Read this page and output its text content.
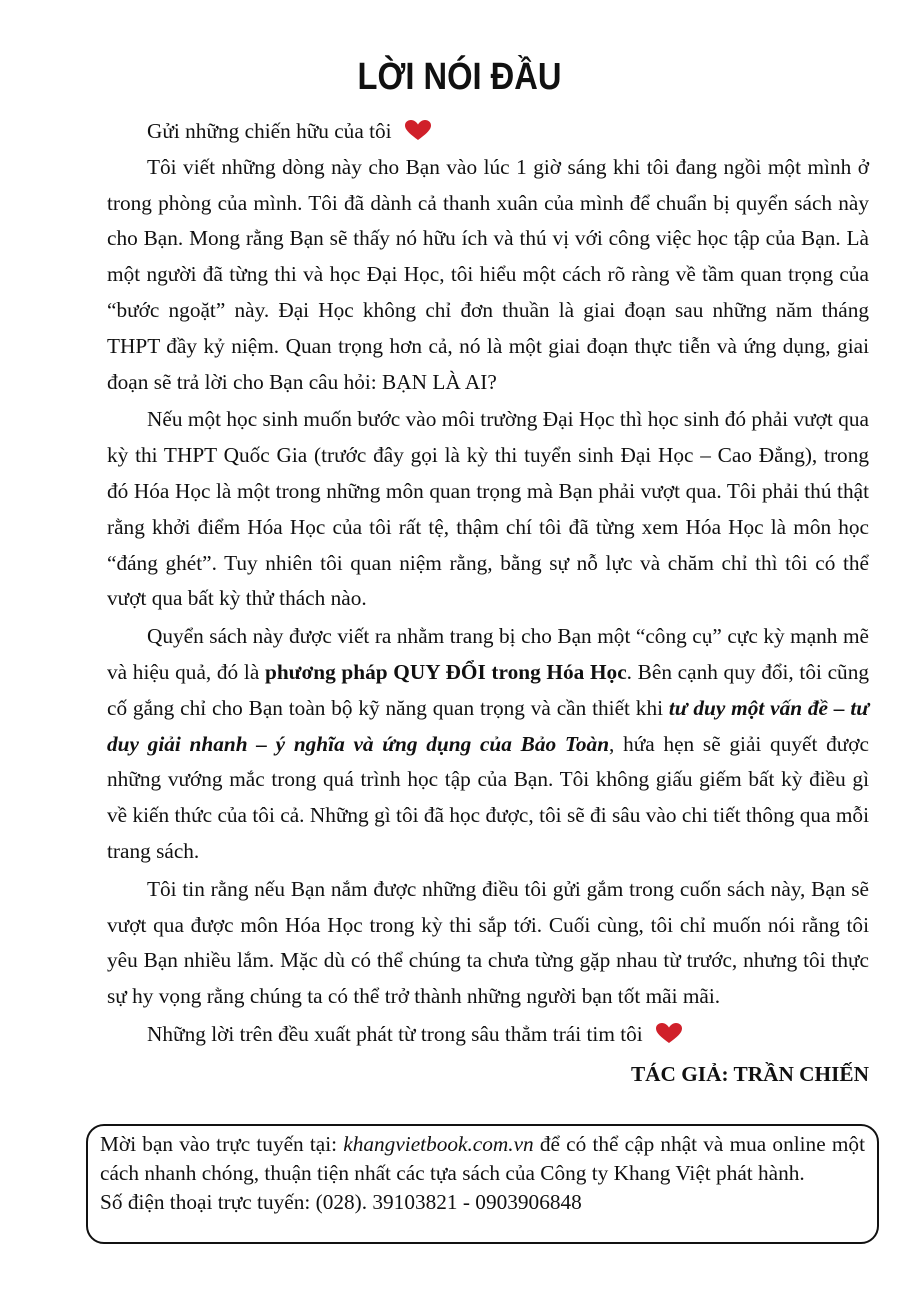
LỜI NÓI ĐẦU

Gửi những chiến hữu của tôi

Tôi viết những dòng này cho Bạn vào lúc 1 giờ sáng khi tôi đang ngồi một mình ở trong phòng của mình. Tôi đã dành cả thanh xuân của mình để chuẩn bị quyển sách này cho Bạn. Mong rằng Bạn sẽ thấy nó hữu ích và thú vị với công việc học tập của Bạn. Là một người đã từng thi và học Đại Học, tôi hiểu một cách rõ ràng về tầm quan trọng của “bước ngoặt” này. Đại Học không chỉ đơn thuần là giai đoạn sau những năm tháng THPT đầy kỷ niệm. Quan trọng hơn cả, nó là một giai đoạn thực tiễn và ứng dụng, giai đoạn sẽ trả lời cho Bạn câu hỏi: BẠN LÀ AI?

Nếu một học sinh muốn bước vào môi trường Đại Học thì học sinh đó phải vượt qua kỳ thi THPT Quốc Gia (trước đây gọi là kỳ thi tuyển sinh Đại Học – Cao Đẳng), trong đó Hóa Học là một trong những môn quan trọng mà Bạn phải vượt qua. Tôi phải thú thật rằng khởi điểm Hóa Học của tôi rất tệ, thậm chí tôi đã từng xem Hóa Học là môn học “đáng ghét”. Tuy nhiên tôi quan niệm rằng, bằng sự nỗ lực và chăm chỉ thì tôi có thể vượt qua bất kỳ thử thách nào.

Quyển sách này được viết ra nhằm trang bị cho Bạn một “công cụ” cực kỳ mạnh mẽ và hiệu quả, đó là phương pháp QUY ĐỔI trong Hóa Học. Bên cạnh quy đổi, tôi cũng cố gắng chỉ cho Bạn toàn bộ kỹ năng quan trọng và cần thiết khi tư duy một vấn đề – tư duy giải nhanh – ý nghĩa và ứng dụng của Bảo Toàn, hứa hẹn sẽ giải quyết được những vướng mắc trong quá trình học tập của Bạn. Tôi không giấu giếm bất kỳ điều gì về kiến thức của tôi cả. Những gì tôi đã học được, tôi sẽ đi sâu vào chi tiết thông qua mỗi trang sách.

Tôi tin rằng nếu Bạn nắm được những điều tôi gửi gắm trong cuốn sách này, Bạn sẽ vượt qua được môn Hóa Học trong kỳ thi sắp tới. Cuối cùng, tôi chỉ muốn nói rằng tôi yêu Bạn nhiều lắm. Mặc dù có thể chúng ta chưa từng gặp nhau từ trước, nhưng tôi thực sự hy vọng rằng chúng ta có thể trở thành những người bạn tốt mãi mãi.

Những lời trên đều xuất phát từ trong sâu thẳm trái tim tôi

TÁC GIẢ: TRẦN CHIẾN

Mời bạn vào trực tuyến tại: khangvietbook.com.vn để có thể cập nhật và mua online một cách nhanh chóng, thuận tiện nhất các tựa sách của Công ty Khang Việt phát hành.

Số điện thoại trực tuyến: (028). 39103821 - 0903906848
